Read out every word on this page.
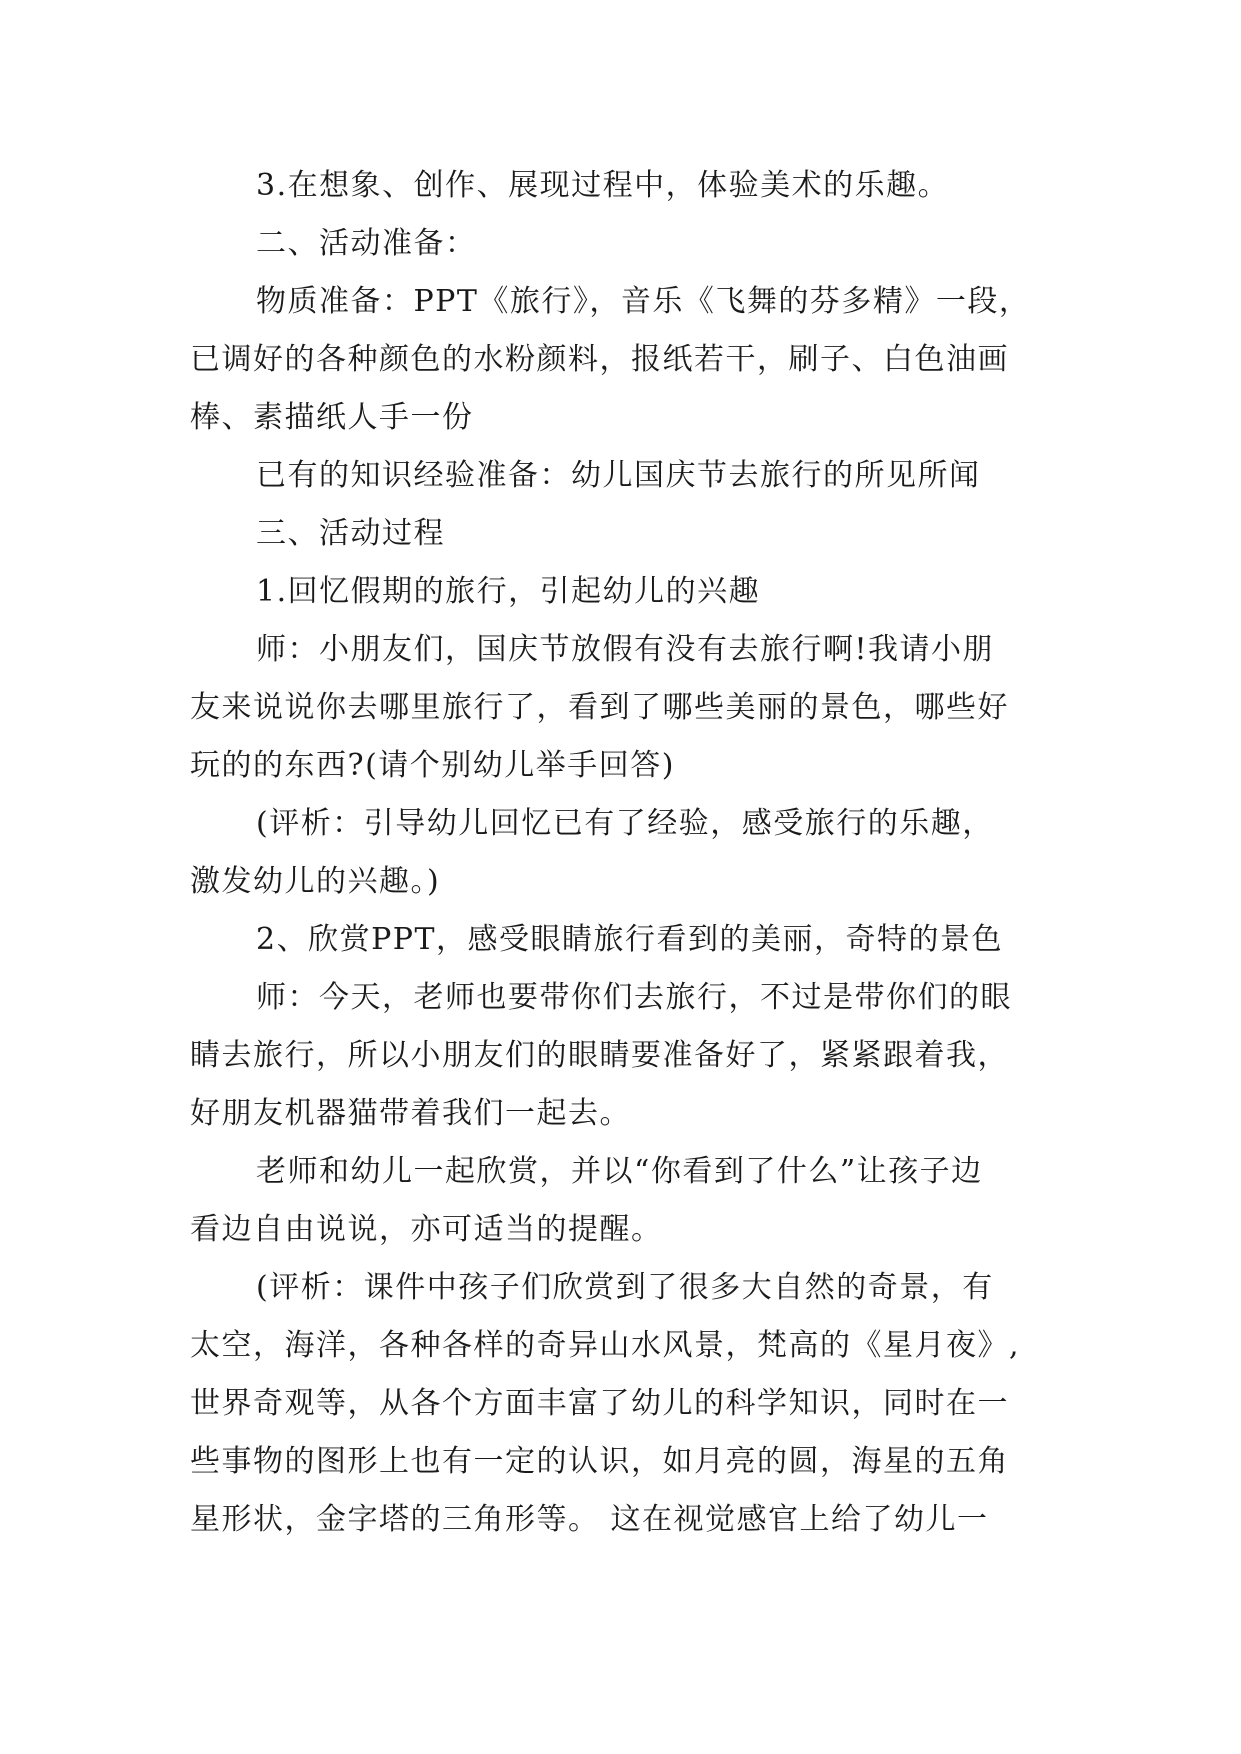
3.在想象、创作、展现过程中，体验美术的乐趣。
二、活动准备：
物质准备：PPT《旅行》，音乐《飞舞的芬多精》一段，
已调好的各种颜色的水粉颜料，报纸若干，刷子、白色油画
棒、素描纸人手一份
已有的知识经验准备：幼儿国庆节去旅行的所见所闻
三、活动过程
1.回忆假期的旅行，引起幼儿的兴趣
师：小朋友们，国庆节放假有没有去旅行啊!我请小朋
友来说说你去哪里旅行了，看到了哪些美丽的景色，哪些好
玩的的东西?(请个别幼儿举手回答)
(评析：引导幼儿回忆已有了经验，感受旅行的乐趣，
激发幼儿的兴趣。)
2、欣赏PPT，感受眼睛旅行看到的美丽，奇特的景色
师：今天，老师也要带你们去旅行，不过是带你们的眼
睛去旅行，所以小朋友们的眼睛要准备好了，紧紧跟着我，
好朋友机器猫带着我们一起去。
老师和幼儿一起欣赏，并以“你看到了什么”让孩子边
看边自由说说，亦可适当的提醒。
(评析：课件中孩子们欣赏到了很多大自然的奇景，有
太空，海洋，各种各样的奇异山水风景，梵高的《星月夜》,
世界奇观等，从各个方面丰富了幼儿的科学知识，同时在一
些事物的图形上也有一定的认识，如月亮的圆，海星的五角
星形状，金字塔的三角形等。 这在视觉感官上给了幼儿一
